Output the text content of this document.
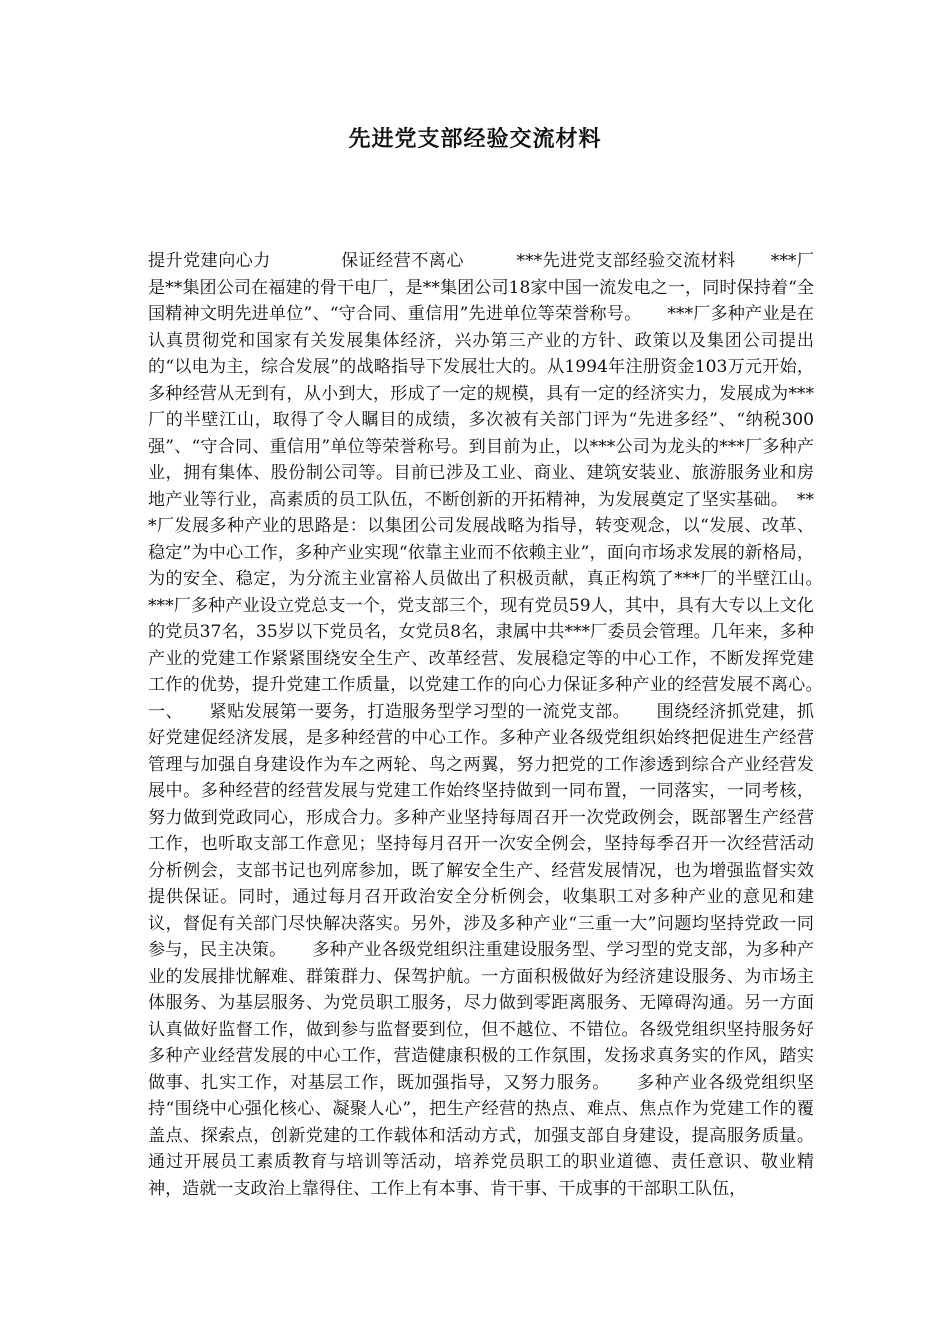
先进党支部经验交流材料
提升党建向心力　　　　保证经营不离心　　　***先进党支部经验交流材料　　***厂是**集团公司在福建的骨干电厂，是**集团公司18家中国一流发电之一，同时保持着“全国精神文明先进单位”、“守合同、重信用”先进单位等荣誉称号。　　***厂多种产业是在认真贯彻党和国家有关发展集体经济，兴办第三产业的方针、政策以及集团公司提出的“以电为主，综合发展”的战略指导下发展壮大的。从1994年注册资金103万元开始，多种经营从无到有，从小到大，形成了一定的规模，具有一定的经济实力，发展成为***厂的半壁江山，取得了令人瞩目的成绩，多次被有关部门评为“先进多经”、“纳税300强”、“守合同、重信用”单位等荣誉称号。到目前为止，以***公司为龙头的***厂多种产业，拥有集体、股份制公司等。目前已涉及工业、商业、建筑安装业、旅游服务业和房地产业等行业，高素质的员工队伍，不断创新的开拓精神，为发展奠定了坚实基础。　***厂发展多种产业的思路是：以集团公司发展战略为指导，转变观念，以“发展、改革、稳定”为中心工作，多种产业实现“依靠主业而不依赖主业”，面向市场求发展的新格局，为的安全、稳定，为分流主业富裕人员做出了积极贡献，真正构筑了***厂的半壁江山。　　***厂多种产业设立党总支一个，党支部三个，现有党员59人，其中，具有大专以上文化的党员37名，35岁以下党员名，女党员8名，隶属中共***厂委员会管理。几年来，多种产业的党建工作紧紧围绕安全生产、改革经营、发展稳定等的中心工作，不断发挥党建工作的优势，提升党建工作质量，以党建工作的向心力保证多种产业的经营发展不离心。　　一、　　紧贴发展第一要务，打造服务型学习型的一流党支部。　　围绕经济抓党建，抓好党建促经济发展，是多种经营的中心工作。多种产业各级党组织始终把促进生产经营管理与加强自身建设作为车之两轮、鸟之两翼，努力把党的工作渗透到综合产业经营发展中。多种经营的经营发展与党建工作始终坚持做到一同布置，一同落实，一同考核，努力做到党政同心，形成合力。多种产业坚持每周召开一次党政例会，既部署生产经营工作，也听取支部工作意见；坚持每月召开一次安全例会，坚持每季召开一次经营活动分析例会，支部书记也列席参加，既了解安全生产、经营发展情况，也为增强监督实效提供保证。同时，通过每月召开政治安全分析例会，收集职工对多种产业的意见和建议，督促有关部门尽快解决落实。另外，涉及多种产业“三重一大”问题均坚持党政一同参与，民主决策。　　多种产业各级党组织注重建设服务型、学习型的党支部，为多种产业的发展排忧解难、群策群力、保驾护航。一方面积极做好为经济建设服务、为市场主体服务、为基层服务、为党员职工服务，尽力做到零距离服务、无障碍沟通。另一方面认真做好监督工作，做到参与监督要到位，但不越位、不错位。各级党组织坚持服务好多种产业经营发展的中心工作，营造健康积极的工作氛围，发扬求真务实的作风，踏实做事、扎实工作，对基层工作，既加强指导，又努力服务。　　多种产业各级党组织坚持“围绕中心强化核心、凝聚人心”，把生产经营的热点、难点、焦点作为党建工作的覆盖点、探索点，创新党建的工作载体和活动方式，加强支部自身建设，提高服务质量。通过开展员工素质教育与培训等活动，培养党员职工的职业道德、责任意识、敬业精神，造就一支政治上靠得住、工作上有本事、肯干事、干成事的干部职工队伍，
